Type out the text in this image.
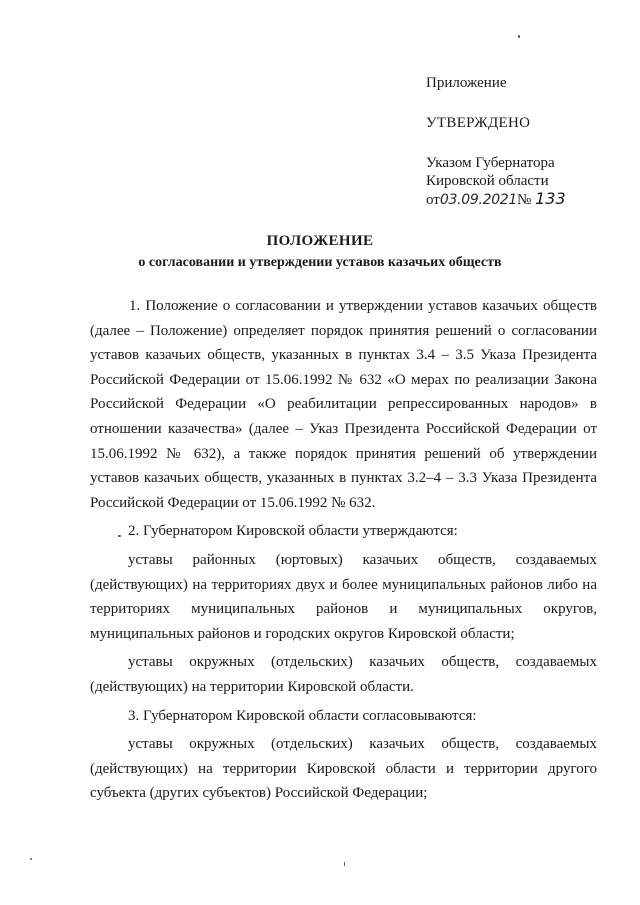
Приложение

УТВЕРЖДЕНО

Указом Губернатора
Кировской области
от03.09.2021№ 133

ПОЛОЖЕНИЕ

о согласовании и утверждении уставов казачьих обществ

1. Положение о согласовании и утверждении уставов казачьих обществ (далее – Положение) определяет порядок принятия решений о согласовании уставов казачьих обществ, указанных в пунктах 3.4 – 3.5 Указа Президента Российской Федерации от 15.06.1992 № 632 «О мерах по реализации Закона Российской Федерации «О реабилитации репрессированных народов» в отношении казачества» (далее – Указ Президента Российской Федерации от 15.06.1992 № 632), а также порядок принятия решений об утверждении уставов казачьих обществ, указанных в пунктах 3.2–4 – 3.3 Указа Президента Российской Федерации от 15.06.1992 № 632.

2. Губернатором Кировской области утверждаются:

уставы районных (юртовых) казачьих обществ, создаваемых (действующих) на территориях двух и более муниципальных районов либо на территориях муниципальных районов и муниципальных округов, муниципальных районов и городских округов Кировской области;

уставы окружных (отдельских) казачьих обществ, создаваемых (действующих) на территории Кировской области.

3. Губернатором Кировской области согласовываются:

уставы окружных (отдельских) казачьих обществ, создаваемых (действующих) на территории Кировской области и территории другого субъекта (других субъектов) Российской Федерации;
